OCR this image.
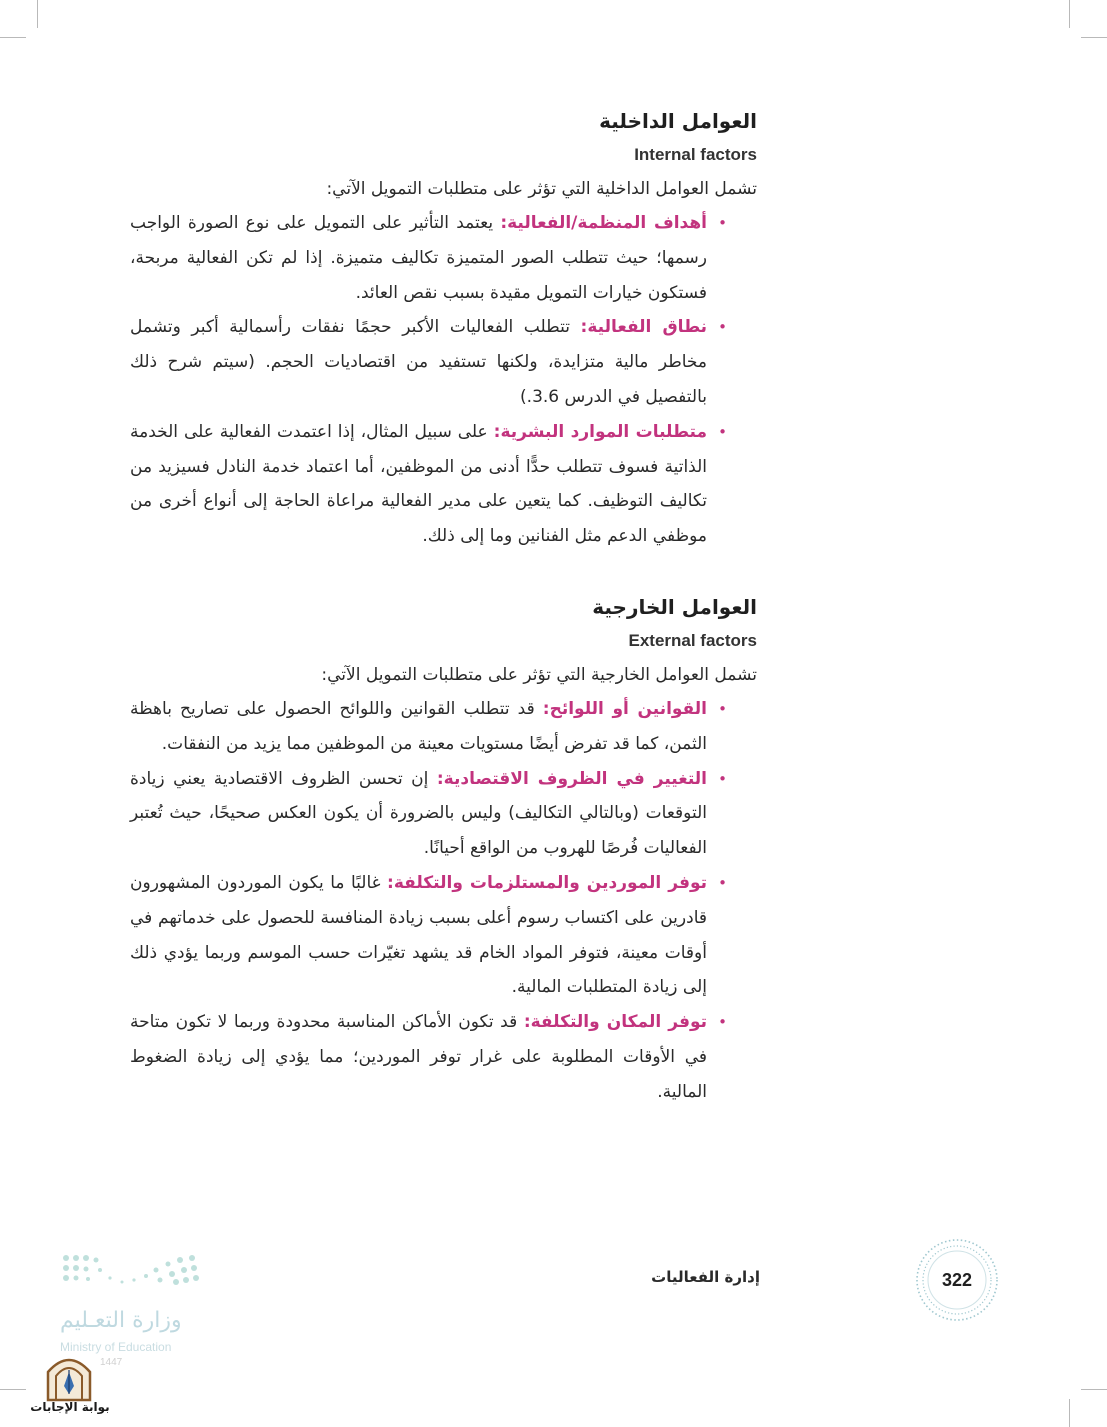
العوامل الداخلية
Internal factors

تشمل العوامل الداخلية التي تؤثر على متطلبات التمويل الآتي:

•
أهداف المنظمة/الفعالية: يعتمد التأثير على التمويل على نوع الصورة الواجب رسمها؛ حيث تتطلب الصور المتميزة تكاليف متميزة. إذا لم تكن الفعالية مربحة، فستكون خيارات التمويل مقيدة بسبب نقص العائد.
•
نطاق الفعالية: تتطلب الفعاليات الأكبر حجمًا نفقات رأسمالية أكبر وتشمل مخاطر مالية متزايدة، ولكنها تستفيد من اقتصاديات الحجم. (سيتم شرح ذلك بالتفصيل في الدرس 3.6.)
•
متطلبات الموارد البشرية: على سبيل المثال، إذا اعتمدت الفعالية على الخدمة الذاتية فسوف تتطلب حدًّا أدنى من الموظفين، أما اعتماد خدمة النادل فسيزيد من تكاليف التوظيف. كما يتعين على مدير الفعالية مراعاة الحاجة إلى أنواع أخرى من موظفي الدعم مثل الفنانين وما إلى ذلك.
العوامل الخارجية
External factors

تشمل العوامل الخارجية التي تؤثر على متطلبات التمويل الآتي:

•
القوانين أو اللوائح: قد تتطلب القوانين واللوائح الحصول على تصاريح باهظة الثمن، كما قد تفرض أيضًا مستويات معينة من الموظفين مما يزيد من النفقات.
•
التغيير في الظروف الاقتصادية: إن تحسن الظروف الاقتصادية يعني زيادة التوقعات (وبالتالي التكاليف) وليس بالضرورة أن يكون العكس صحيحًا، حيث تُعتبر الفعاليات فُرصًا للهروب من الواقع أحيانًا.
•
توفر الموردين والمستلزمات والتكلفة: غالبًا ما يكون الموردون المشهورون قادرين على اكتساب رسوم أعلى بسبب زيادة المنافسة للحصول على خدماتهم في أوقات معينة، فتوفر المواد الخام قد يشهد تغيّرات حسب الموسم وربما يؤدي ذلك إلى زيادة المتطلبات المالية.
•
توفر المكان والتكلفة: قد تكون الأماكن المناسبة محدودة وربما لا تكون متاحة في الأوقات المطلوبة على غرار توفر الموردين؛ مما يؤدي إلى زيادة الضغوط المالية.
إدارة الفعاليات	322
وزارة التعـليم
Ministry of Education
1447
بوابة الإجابات
